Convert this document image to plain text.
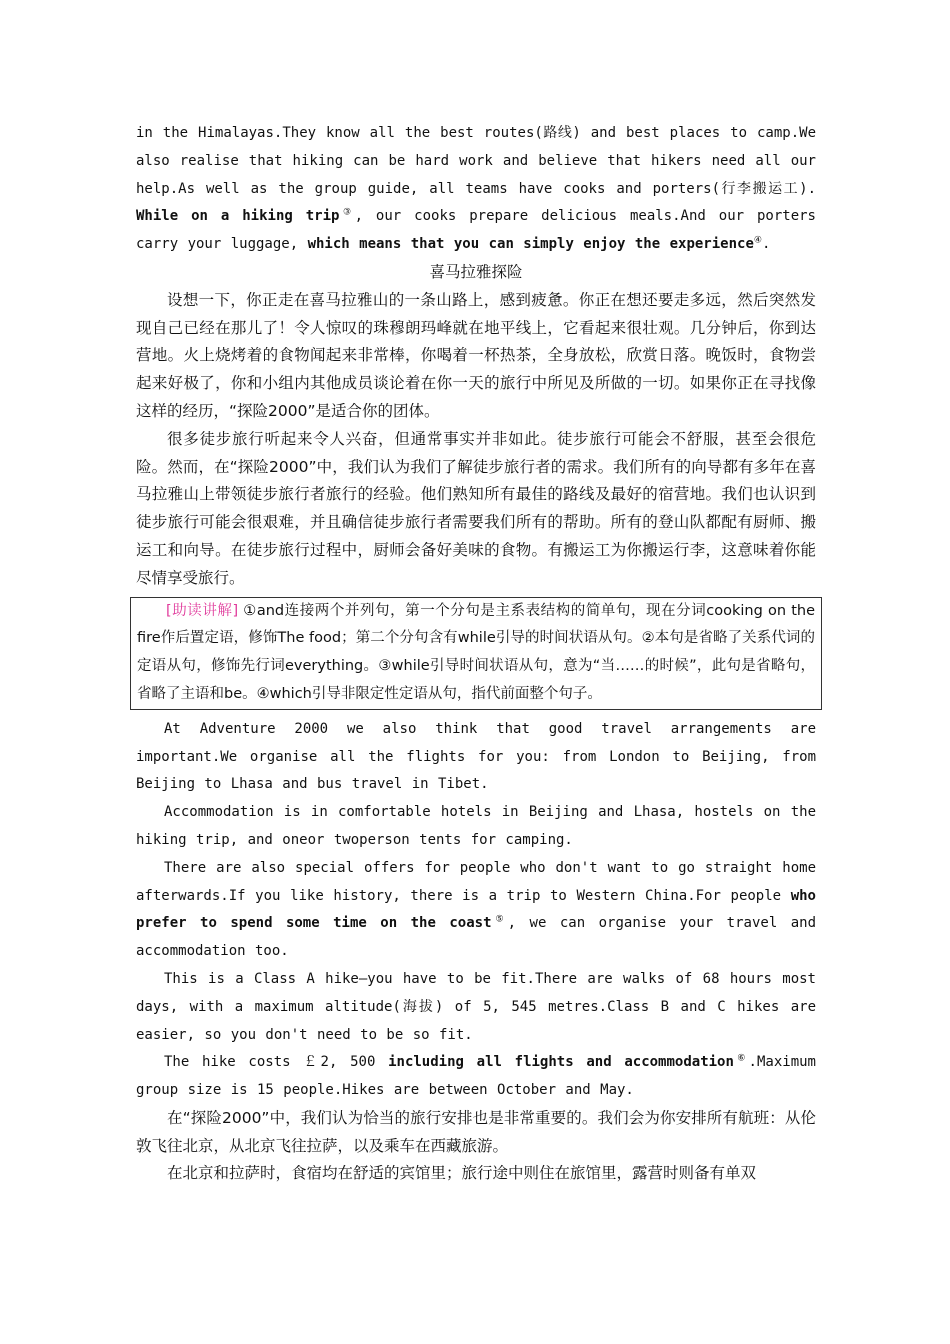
in the Himalayas.They know all the best routes(路线) and best places to camp.We also realise that hiking can be hard work and believe that hikers need all our help.As well as the group guide, all teams have cooks and porters(行李搬运工). While on a hiking trip③, our cooks prepare delicious meals.And our porters carry your luggage, which means that you can simply enjoy the experience④.

喜马拉雅探险

设想一下，你正走在喜马拉雅山的一条山路上，感到疲惫。你正在想还要走多远，然后突然发现自己已经在那儿了！令人惊叹的珠穆朗玛峰就在地平线上，它看起来很壮观。几分钟后，你到达营地。火上烧烤着的食物闻起来非常棒，你喝着一杯热茶，全身放松，欣赏日落。晚饭时，食物尝起来好极了，你和小组内其他成员谈论着在你一天的旅行中所见及所做的一切。如果你正在寻找像这样的经历，“探险2000”是适合你的团体。

很多徒步旅行听起来令人兴奋，但通常事实并非如此。徒步旅行可能会不舒服，甚至会很危险。然而，在“探险2000”中，我们认为我们了解徒步旅行者的需求。我们所有的向导都有多年在喜马拉雅山上带领徒步旅行者旅行的经验。他们熟知所有最佳的路线及最好的宿营地。我们也认识到徒步旅行可能会很艰难，并且确信徒步旅行者需要我们所有的帮助。所有的登山队都配有厨师、搬运工和向导。在徒步旅行过程中，厨师会备好美味的食物。有搬运工为你搬运行李，这意味着你能尽情享受旅行。

[助读讲解] ①and连接两个并列句，第一个分句是主系表结构的简单句，现在分词cooking on the fire作后置定语，修饰The food；第二个分句含有while引导的时间状语从句。②本句是省略了关系代词的定语从句，修饰先行词everything。③while引导时间状语从句，意为“当……的时候”，此句是省略句，省略了主语和be。④which引导非限定性定语从句，指代前面整个句子。

At Adventure 2000 we also think that good travel arrangements are important.We organise all the flights for you: from London to Beijing, from Beijing to Lhasa and bus travel in Tibet.

Accommodation is in comfortable hotels in Beijing and Lhasa, hostels on the hiking trip, and oneor twoperson tents for camping.

There are also special offers for people who don't want to go straight home afterwards.If you like history, there is a trip to Western China.For people who prefer to spend some time on the coast⑤, we can organise your travel and accommodation too.

This is a Class A hike—you have to be fit.There are walks of 68 hours most days, with a maximum altitude(海拔) of 5, 545 metres.Class B and C hikes are easier, so you don't need to be so fit.

The hike costs ￡2, 500 including all flights and accommodation⑥.Maximum group size is 15 people.Hikes are between October and May.

在“探险2000”中，我们认为恰当的旅行安排也是非常重要的。我们会为你安排所有航班：从伦敦飞往北京，从北京飞往拉萨，以及乘车在西藏旅游。

在北京和拉萨时，食宿均在舒适的宾馆里；旅行途中则住在旅馆里，露营时则备有单双
